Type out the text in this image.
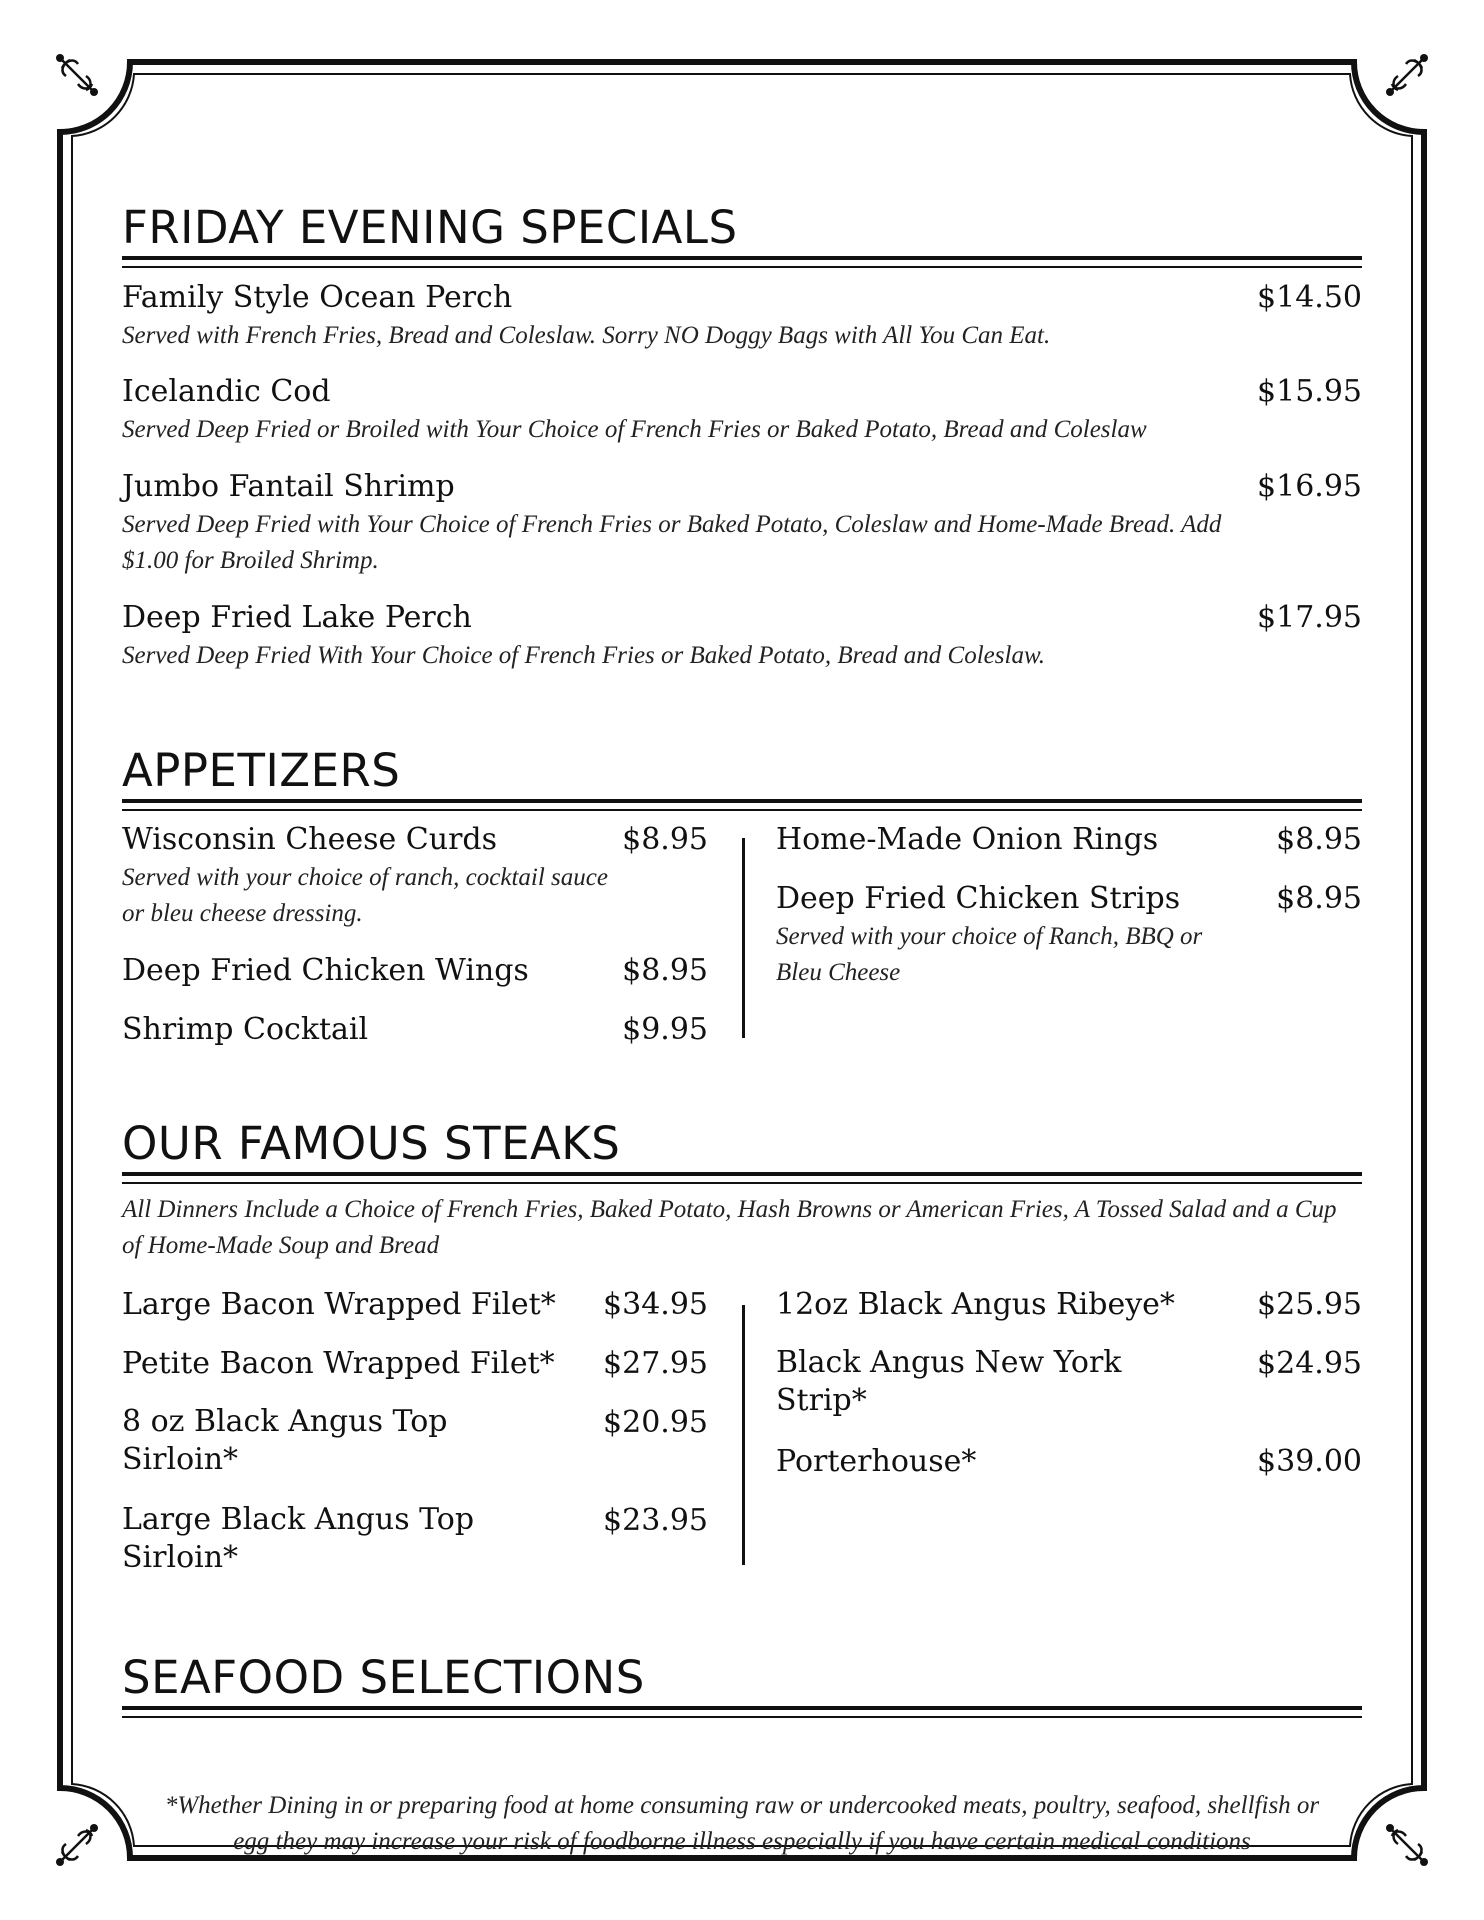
FRIDAY EVENING SPECIALS
Family Style Ocean Perch	$14.50
Served with French Fries, Bread and Coleslaw. Sorry NO Doggy Bags with All You Can Eat.
Icelandic Cod	$15.95
Served Deep Fried or Broiled with Your Choice of French Fries or Baked Potato, Bread and Coleslaw
Jumbo Fantail Shrimp	$16.95
Served Deep Fried with Your Choice of French Fries or Baked Potato, Coleslaw and Home-Made Bread. Add $1.00 for Broiled Shrimp.
Deep Fried Lake Perch	$17.95
Served Deep Fried With Your Choice of French Fries or Baked Potato, Bread and Coleslaw.
APPETIZERS
Wisconsin Cheese Curds	$8.95
Served with your choice of ranch, cocktail sauce or bleu cheese dressing.
Deep Fried Chicken Wings	$8.95
Shrimp Cocktail	$9.95
Home-Made Onion Rings	$8.95
Deep Fried Chicken Strips	$8.95
Served with your choice of Ranch, BBQ or Bleu Cheese
OUR FAMOUS STEAKS
All Dinners Include a Choice of French Fries, Baked Potato, Hash Browns or American Fries, A Tossed Salad and a Cup of Home-Made Soup and Bread
Large Bacon Wrapped Filet* $34.95
Petite Bacon Wrapped Filet* $27.95
8 oz Black Angus Top Sirloin*
$20.95
Large Black Angus Top Sirloin*
$23.95
12oz Black Angus Ribeye*	$25.95
Black Angus New York Strip*
$24.95
Porterhouse*	$39.00
SEAFOOD SELECTIONS
*Whether Dining in or preparing food at home consuming raw or undercooked meats, poultry, seafood, shellfish or egg they may increase your risk of foodborne illness especially if you have certain medical conditions
